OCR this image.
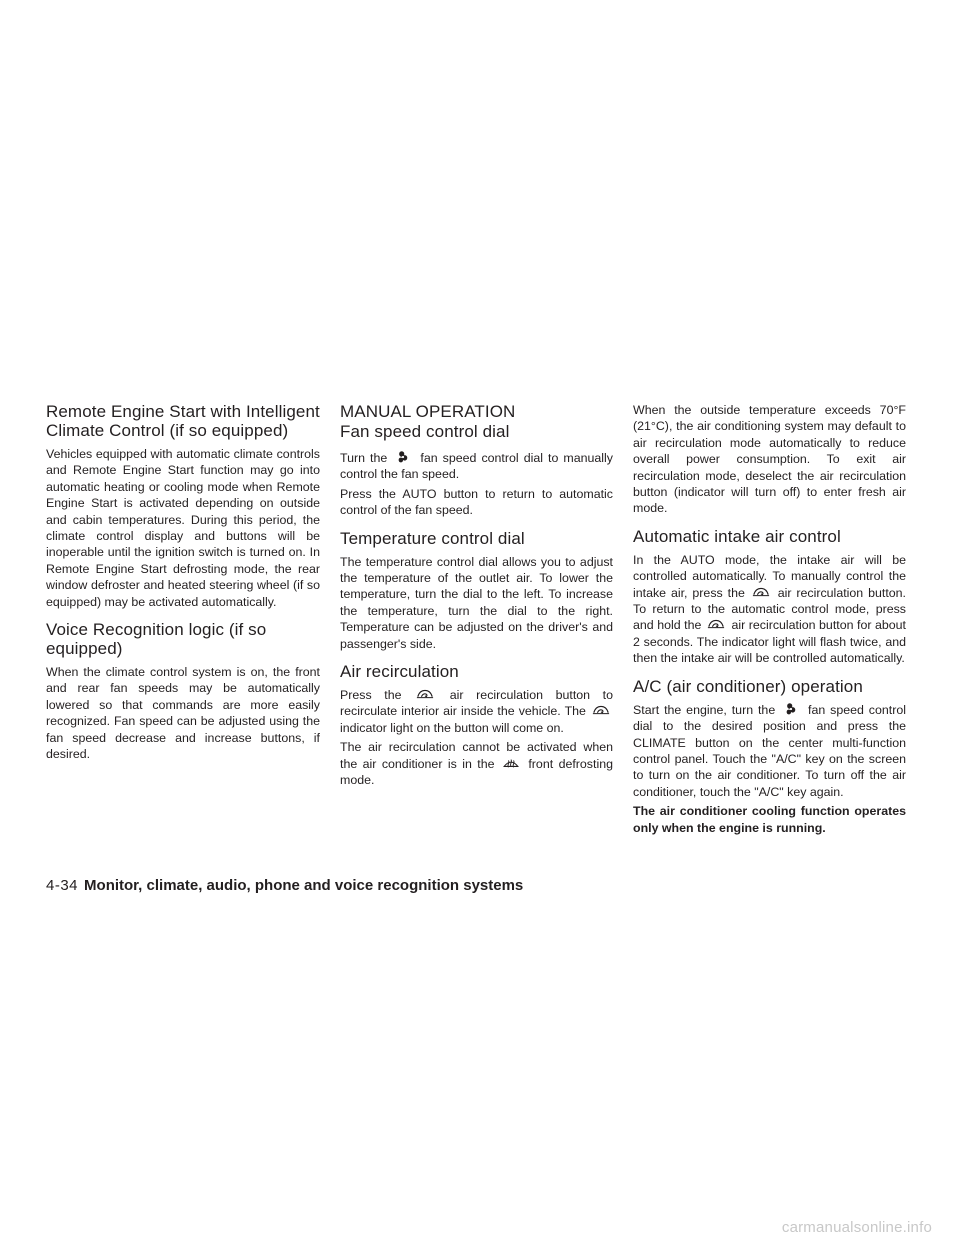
Remote Engine Start with Intelligent Climate Control (if so equipped)

Vehicles equipped with automatic climate controls and Remote Engine Start function may go into automatic heating or cooling mode when Remote Engine Start is activated depending on outside and cabin temperatures. During this period, the climate control display and buttons will be inoperable until the ignition switch is turned on. In Remote Engine Start defrosting mode, the rear window defroster and heated steering wheel (if so equipped) may be activated automatically.

Voice Recognition logic (if so equipped)

When the climate control system is on, the front and rear fan speeds may be automatically lowered so that commands are more easily recognized. Fan speed can be adjusted using the fan speed decrease and increase buttons, if desired.

MANUAL OPERATION
Fan speed control dial

Turn the	fan speed control dial to manually control the fan speed.

Press the AUTO button to return to automatic control of the fan speed.

Temperature control dial

The temperature control dial allows you to adjust the temperature of the outlet air. To lower the temperature, turn the dial to the left. To increase the temperature, turn the dial to the right. Temperature can be adjusted on the driver's and passenger's side.

Air recirculation

Press the	air recirculation button to recirculate interior air inside the vehicle. The
indicator light on the button will come on.

The air recirculation cannot be activated when the air conditioner is in the	front defrosting mode.

When the outside temperature exceeds 70°F (21°C), the air conditioning system may default to air recirculation mode automatically to reduce overall power consumption. To exit air recirculation mode, deselect the air recirculation button (indicator will turn off) to enter fresh air mode.

Automatic intake air control

In the AUTO mode, the intake air will be controlled automatically. To manually control the intake air, press the	air recirculation button. To return to the automatic control mode, press and hold the air recirculation button for about 2 seconds. The indicator light will flash twice, and then the intake air will be controlled automatically.

A/C (air conditioner) operation

Start the engine, turn the	fan speed control dial to the desired position and press the CLIMATE button on the center multi-function control panel. Touch the "A/C" key on the screen to turn on the air conditioner. To turn off the air conditioner, touch the "A/C" key again.

The air conditioner cooling function operates only when the engine is running.

4-34 Monitor, climate, audio, phone and voice recognition systems
carmanualsonline.info
